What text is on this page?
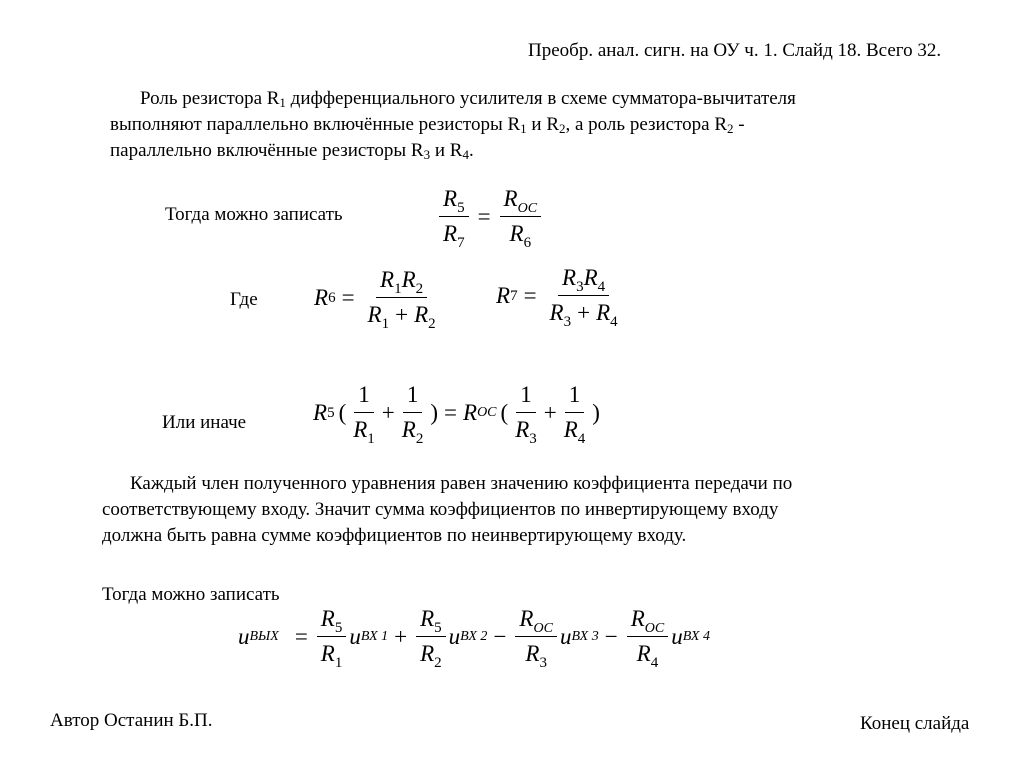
Преобр. анал. сигн. на ОУ ч. 1. Слайд 18. Всего 32.
Роль резистора $R_1$ дифференциального усилителя в схеме сумматора-вычитателя
выполняют параллельно включённые резисторы $R_1$ и $R_2$, а роль резистора $R_2$ -
параллельно включённые резисторы $R_3$ и $R_4$.
Тогда можно записать	$\frac{R_5}{R_7} = \frac{R_{ОС}}{R_6}$
Где R $6 = \frac{R_1R_2}{R_1 + R_2}$ R $7 = \frac{R_3R_4}{R_3 + R_4}$
Или иначе	R 5 ( $\frac{1}{R_1} + \frac{1}{R_2}$ ) = R ОС ( $\frac{1}{R_3} + \frac{1}{R_4}$ )
Каждый член полученного уравнения равен значению коэффициента передачи по
соответствующему входу. Значит сумма коэффициентов по инвертирующему входу
должна быть равна сумме коэффициентов по неинвертирующему входу.
Тогда можно записать
u ВЫХ = $\frac{R_5}{R_1}$ u ВХ $1 + \frac{R_5}{R_2}$ u ВХ $2 - \frac{R_{ОС}}{R_3}$ u ВХ $3 - \frac{R_{ОС}}{R_4}$ u ВХ 4
Автор Останин Б.П.	Конец слайда
